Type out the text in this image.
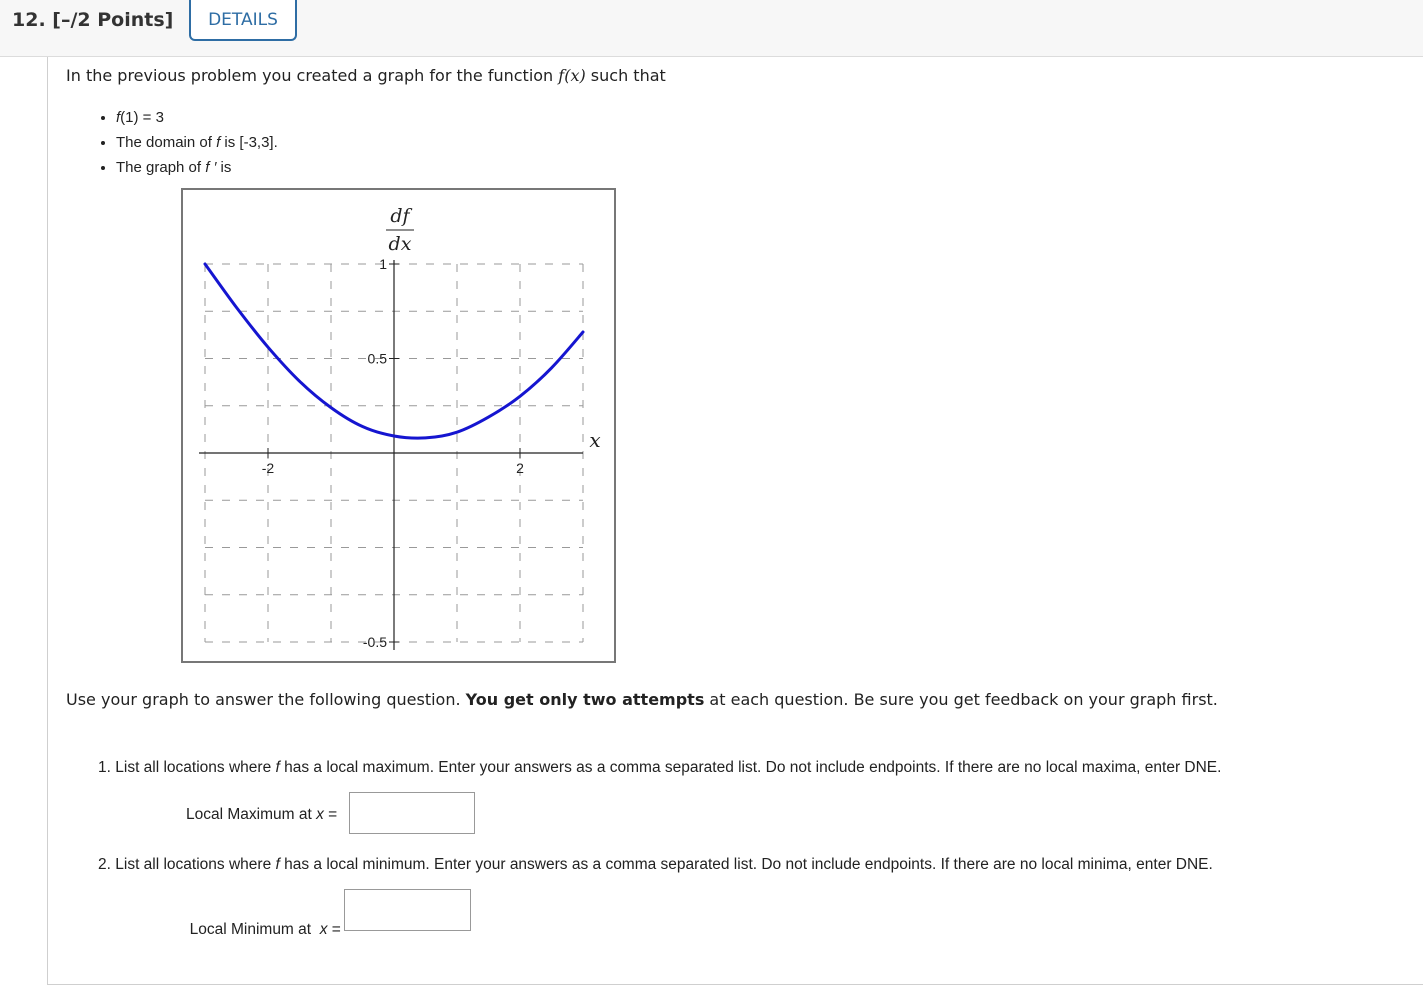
12. [–/2 Points]	DETAILS
In the previous problem you created a graph for the function f(x) such that
• f(1) = 3
• The domain of f is [-3,3].
• The graph of f ′ is
-2	2
1
0.5
-0.5
df
dx
x
Use your graph to answer the following question. You get only two attempts at each question. Be sure you get feedback on your graph first.
1. List all locations where f has a local maximum. Enter your answers as a comma separated list. Do not include endpoints. If there are no local maxima, enter DNE.
Local Maximum at x =
2. List all locations where f has a local minimum. Enter your answers as a comma separated list. Do not include endpoints. If there are no local minima, enter DNE.

Local Minimum at  x =
